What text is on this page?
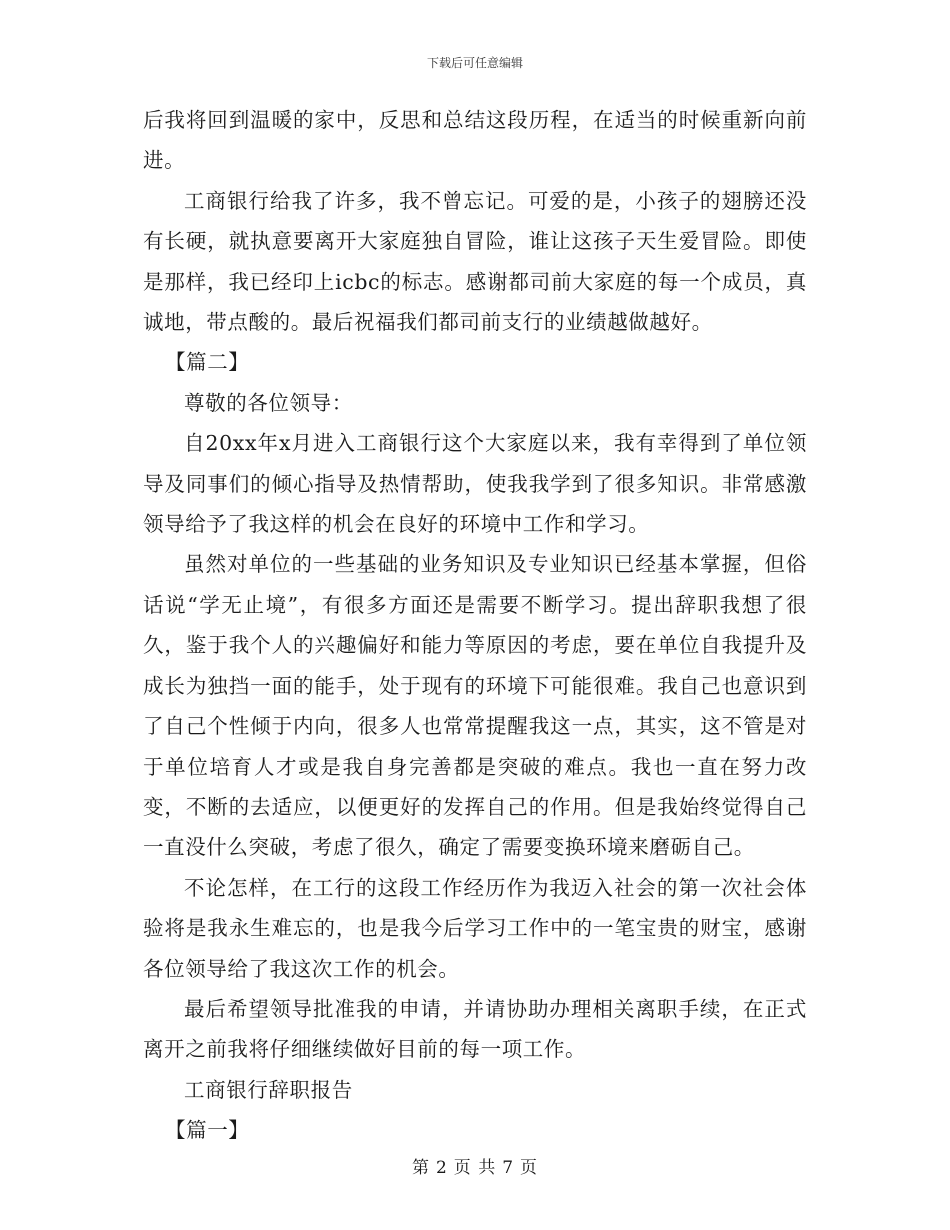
下载后可任意编辑

后我将回到温暖的家中，反思和总结这段历程，在适当的时候重新向前进。

工商银行给我了许多，我不曾忘记。可爱的是，小孩子的翅膀还没有长硬，就执意要离开大家庭独自冒险，谁让这孩子天生爱冒险。即使是那样，我已经印上icbc的标志。感谢都司前大家庭的每一个成员，真诚地，带点酸的。最后祝福我们都司前支行的业绩越做越好。

【篇二】

尊敬的各位领导：

自20xx年x月进入工商银行这个大家庭以来，我有幸得到了单位领导及同事们的倾心指导及热情帮助，使我我学到了很多知识。非常感激领导给予了我这样的机会在良好的环境中工作和学习。

虽然对单位的一些基础的业务知识及专业知识已经基本掌握，但俗话说“学无止境”，有很多方面还是需要不断学习。提出辞职我想了很久，鉴于我个人的兴趣偏好和能力等原因的考虑，要在单位自我提升及成长为独挡一面的能手，处于现有的环境下可能很难。我自己也意识到了自己个性倾于内向，很多人也常常提醒我这一点，其实，这不管是对于单位培育人才或是我自身完善都是突破的难点。我也一直在努力改变，不断的去适应，以便更好的发挥自己的作用。但是我始终觉得自己一直没什么突破，考虑了很久，确定了需要变换环境来磨砺自己。

不论怎样，在工行的这段工作经历作为我迈入社会的第一次社会体验将是我永生难忘的，也是我今后学习工作中的一笔宝贵的财宝，感谢各位领导给了我这次工作的机会。

最后希望领导批准我的申请，并请协助办理相关离职手续，在正式离开之前我将仔细继续做好目前的每一项工作。

工商银行辞职报告

【篇一】

第 2 页 共 7 页
